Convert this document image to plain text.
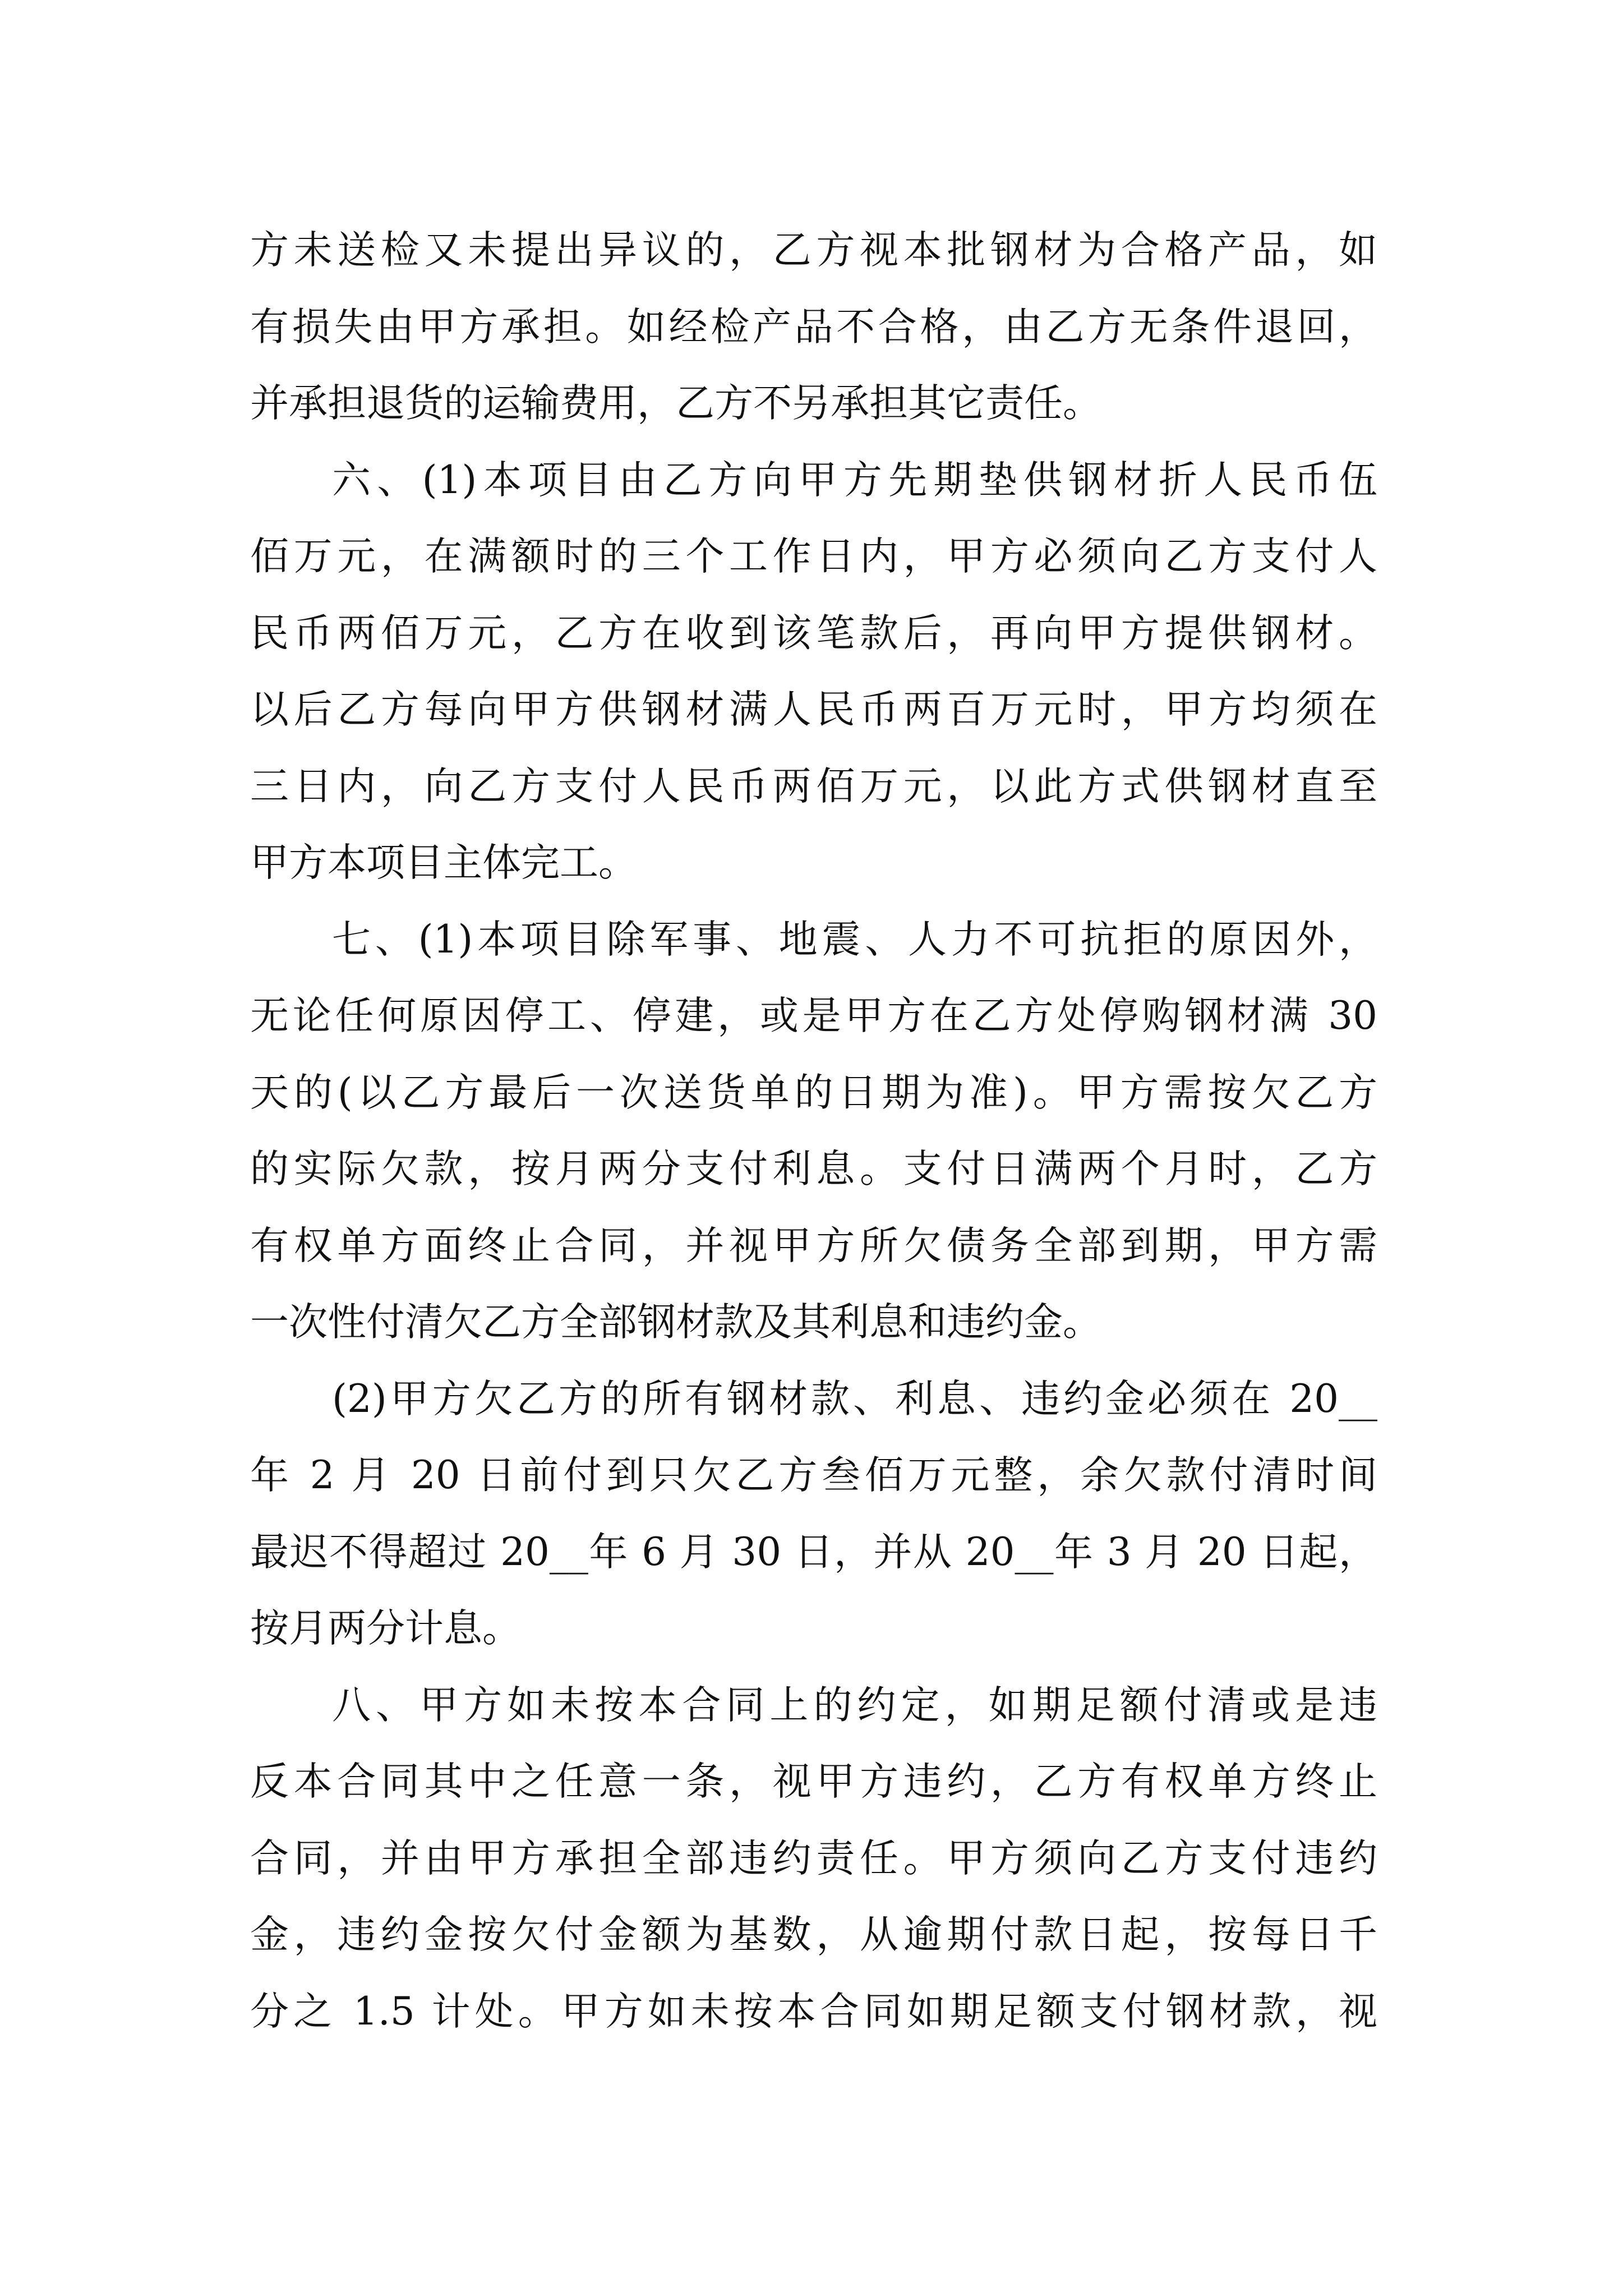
方未送检又未提出异议的，乙方视本批钢材为合格产品，如
有损失由甲方承担。如经检产品不合格，由乙方无条件退回，
并承担退货的运输费用，乙方不另承担其它责任。
六、(1)本项目由乙方向甲方先期垫供钢材折人民币伍
佰万元，在满额时的三个工作日内，甲方必须向乙方支付人
民币两佰万元，乙方在收到该笔款后，再向甲方提供钢材。
以后乙方每向甲方供钢材满人民币两百万元时，甲方均须在
三日内，向乙方支付人民币两佰万元，以此方式供钢材直至
甲方本项目主体完工。
七、(1)本项目除军事、地震、人力不可抗拒的原因外，
无论任何原因停工、停建，或是甲方在乙方处停购钢材满 30
天的(以乙方最后一次送货单的日期为准)。甲方需按欠乙方
的实际欠款，按月两分支付利息。支付日满两个月时，乙方
有权单方面终止合同，并视甲方所欠债务全部到期，甲方需
一次性付清欠乙方全部钢材款及其利息和违约金。
(2)甲方欠乙方的所有钢材款、利息、违约金必须在 20__
年 2 月 20 日前付到只欠乙方叁佰万元整，余欠款付清时间
最迟不得超过 20__年 6 月 30 日，并从 20__年 3 月 20 日起，
按月两分计息。
八、甲方如未按本合同上的约定，如期足额付清或是违
反本合同其中之任意一条，视甲方违约，乙方有权单方终止
合同，并由甲方承担全部违约责任。甲方须向乙方支付违约
金，违约金按欠付金额为基数，从逾期付款日起，按每日千
分之 1.5 计处。甲方如未按本合同如期足额支付钢材款，视
